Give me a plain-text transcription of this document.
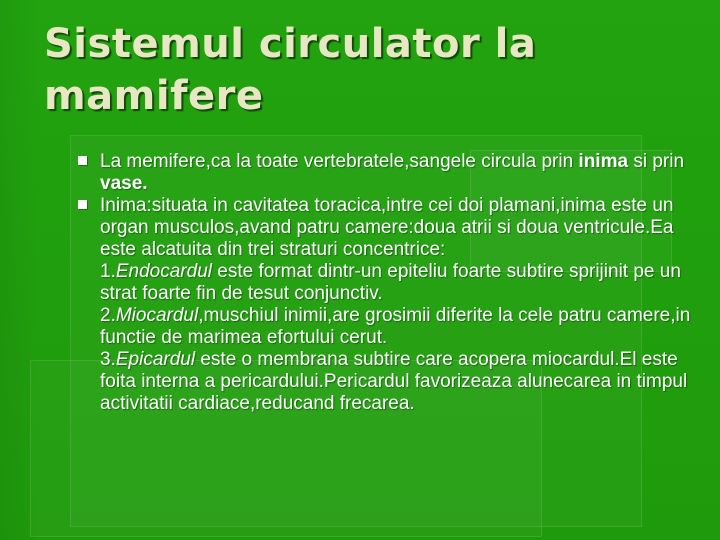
Sistemul circulator la mamifere

La memifere,ca la toate vertebratele,sangele circula prin inima si prin vase.

Inima:situata in cavitatea toracica,intre cei doi plamani,inima este un organ musculos,avand patru camere:doua atrii si doua ventricule.Ea este alcatuita din trei straturi concentrice:

1.Endocardul este format dintr-un epiteliu foarte subtire sprijinit pe un strat foarte fin de tesut conjunctiv.

2.Miocardul,muschiul inimii,are grosimii diferite la cele patru camere,in functie de marimea efortului cerut.

3.Epicardul este o membrana subtire care acopera miocardul.El este foita interna a pericardului.Pericardul favorizeaza alunecarea in timpul activitatii cardiace,reducand frecarea.
